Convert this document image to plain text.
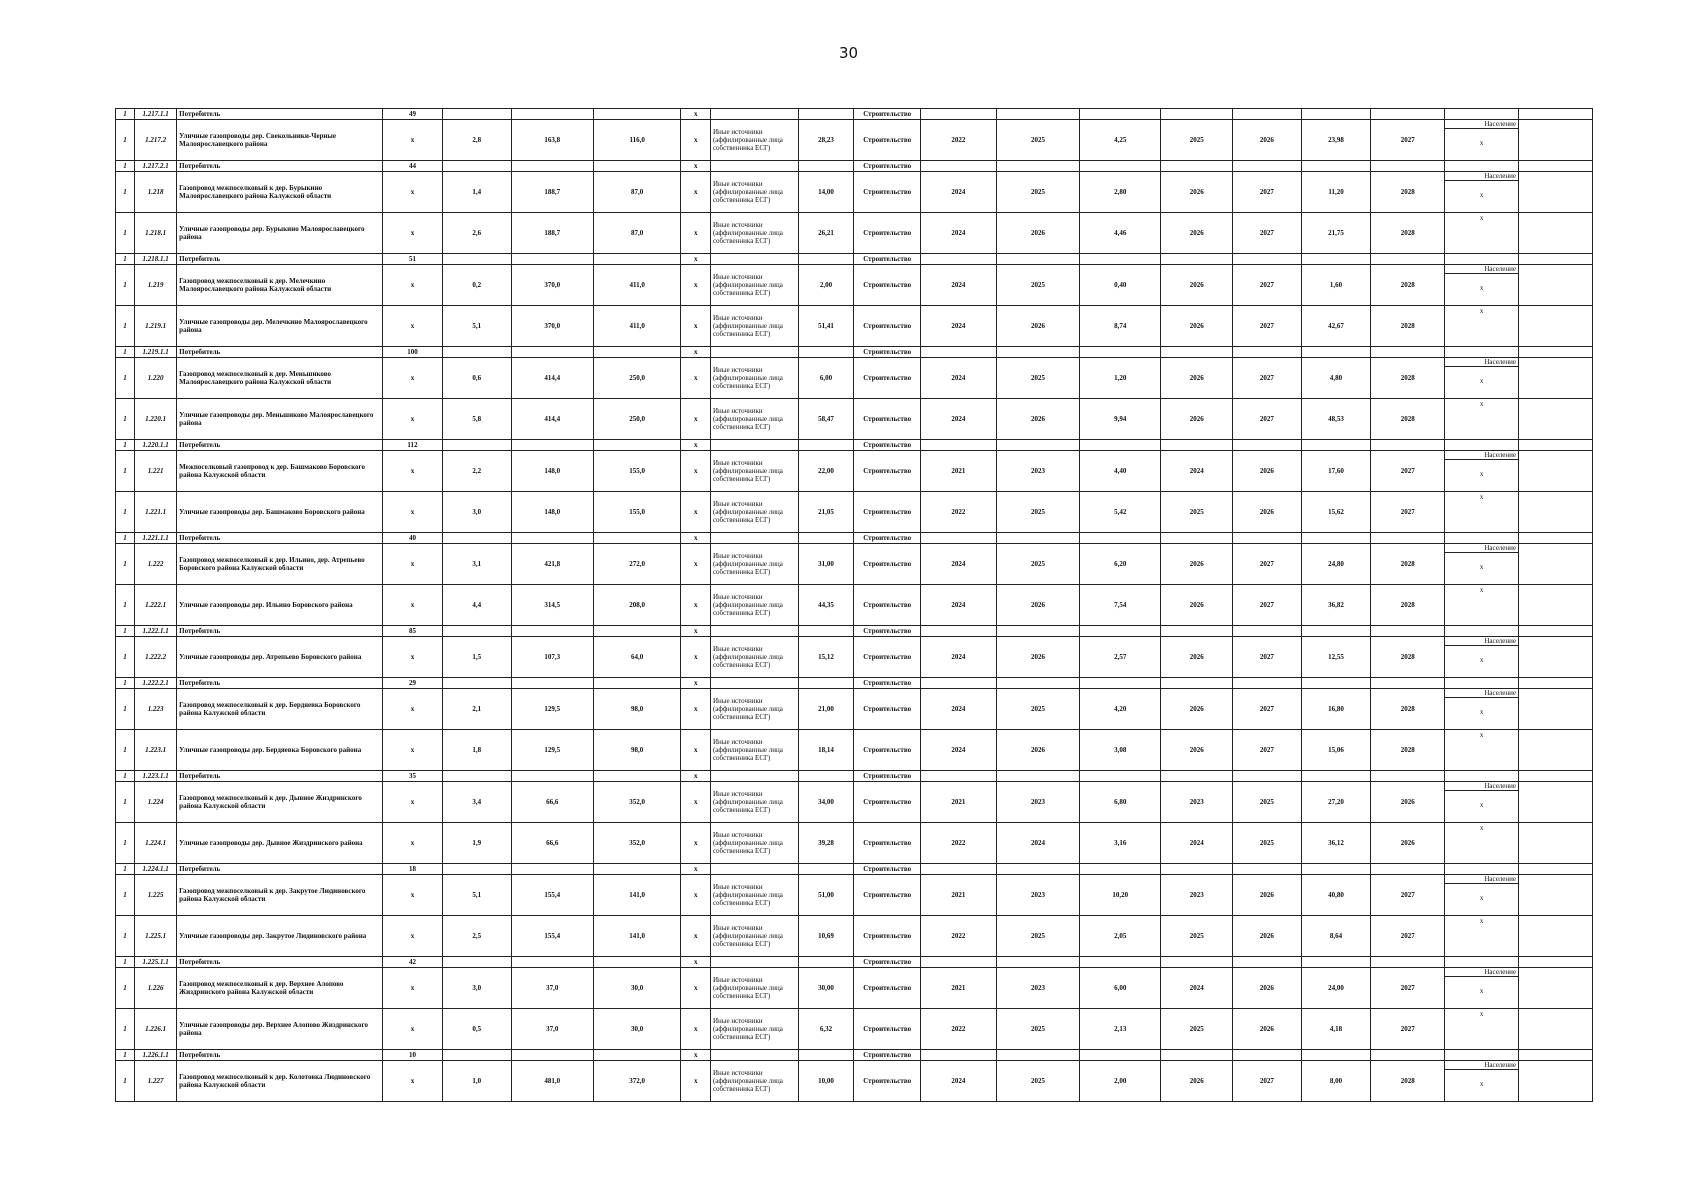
30
1	1.217.1.1	Потребитель	49				х			Строительство									
1	1.217.2	Уличные газопроводы дер. Свекольники-Черные Малоярославецкого района	х	2,8	163,8	116,0	х	Иные источники (аффилированные лица собственника ЕСГ)	28,23	Строительство	2022	2025	4,25	2025	2026	23,98	2027	Население
х	
1	1.217.2.1	Потребитель	44				х			Строительство									
1	1.218	Газопровод межпоселковый к дер. Бурыкино Малоярославецкого района Калужской области	х	1,4	188,7	87,0	х	Иные источники (аффилированные лица собственника ЕСГ)	14,00	Строительство	2024	2025	2,80	2026	2027	11,20	2028	Население
х	
1	1.218.1	Уличные газопроводы дер. Бурыкино Малоярославецкого района	х	2,6	188,7	87,0	х	Иные источники (аффилированные лица собственника ЕСГ)	26,21	Строительство	2024	2026	4,46	2026	2027	21,75	2028	х	
1	1.218.1.1	Потребитель	51				х			Строительство									
1	1.219	Газопровод межпоселковый к дер. Мелечкино Малоярославецкого района Калужской области	х	0,2	370,0	411,0	х	Иные источники (аффилированные лица собственника ЕСГ)	2,00	Строительство	2024	2025	0,40	2026	2027	1,60	2028	Население
х	
1	1.219.1	Уличные газопроводы дер. Мелечкино Малоярославецкого района	х	5,1	370,0	411,0	х	Иные источники (аффилированные лица собственника ЕСГ)	51,41	Строительство	2024	2026	8,74	2026	2027	42,67	2028	х	
1	1.219.1.1	Потребитель	100				х			Строительство									
1	1.220	Газопровод межпоселковый к дер. Меньшиково Малоярославецкого района Калужской области	х	0,6	414,4	250,0	х	Иные источники (аффилированные лица собственника ЕСГ)	6,00	Строительство	2024	2025	1,20	2026	2027	4,80	2028	Население
х	
1	1.220.1	Уличные газопроводы дер. Меньшиково Малоярославецкого района	х	5,8	414,4	250,0	х	Иные источники (аффилированные лица собственника ЕСГ)	58,47	Строительство	2024	2026	9,94	2026	2027	48,53	2028	х	
1	1.220.1.1	Потребитель	112				х			Строительство									
1	1.221	Межпоселковый газопровод к дер. Башмаково Боровского района Калужской области	х	2,2	148,0	155,0	х	Иные источники (аффилированные лица собственника ЕСГ)	22,00	Строительство	2021	2023	4,40	2024	2026	17,60	2027	Население
х	
1	1.221.1	Уличные газопроводы дер. Башмаково Боровского района	х	3,0	148,0	155,0	х	Иные источники (аффилированные лица собственника ЕСГ)	21,05	Строительство	2022	2025	5,42	2025	2026	15,62	2027	х	
1	1.221.1.1	Потребитель	40				х			Строительство									
1	1.222	Газопровод межпоселковый к дер. Ильино, дер. Атрепьево Боровского района Калужской области	х	3,1	421,8	272,0	х	Иные источники (аффилированные лица собственника ЕСГ)	31,00	Строительство	2024	2025	6,20	2026	2027	24,80	2028	Население
х	
1	1.222.1	Уличные газопроводы дер. Ильино Боровского района	х	4,4	314,5	208,0	х	Иные источники (аффилированные лица собственника ЕСГ)	44,35	Строительство	2024	2026	7,54	2026	2027	36,82	2028	х	
1	1.222.1.1	Потребитель	85				х			Строительство									
1	1.222.2	Уличные газопроводы дер. Атрепьево Боровского района	х	1,5	107,3	64,0	х	Иные источники (аффилированные лица собственника ЕСГ)	15,12	Строительство	2024	2026	2,57	2026	2027	12,55	2028	Население
х	
1	1.222.2.1	Потребитель	29				х			Строительство									
1	1.223	Газопровод межпоселковый к дер. Бердяевка Боровского района Калужской области	х	2,1	129,5	98,0	х	Иные источники (аффилированные лица собственника ЕСГ)	21,00	Строительство	2024	2025	4,20	2026	2027	16,80	2028	Население
х	
1	1.223.1	Уличные газопроводы дер. Бердяевка Боровского района	х	1,8	129,5	98,0	х	Иные источники (аффилированные лица собственника ЕСГ)	18,14	Строительство	2024	2026	3,08	2026	2027	15,06	2028	х	
1	1.223.1.1	Потребитель	35				х			Строительство									
1	1.224	Газопровод межпоселковый к дер. Дывное Жиздринского района Калужской области	х	3,4	66,6	352,0	х	Иные источники (аффилированные лица собственника ЕСГ)	34,00	Строительство	2021	2023	6,80	2023	2025	27,20	2026	Население
х	
1	1.224.1	Уличные газопроводы дер. Дывное Жиздринского района	х	1,9	66,6	352,0	х	Иные источники (аффилированные лица собственника ЕСГ)	39,28	Строительство	2022	2024	3,16	2024	2025	36,12	2026	х	
1	1.224.1.1	Потребитель	18				х			Строительство									
1	1.225	Газопровод межпоселковый к дер. Закрутое Людиновского района Калужской области	х	5,1	155,4	141,0	х	Иные источники (аффилированные лица собственника ЕСГ)	51,00	Строительство	2021	2023	10,20	2023	2026	40,80	2027	Население
х	
1	1.225.1	Уличные газопроводы дер. Закрутое Людиновского района	х	2,5	155,4	141,0	х	Иные источники (аффилированные лица собственника ЕСГ)	10,69	Строительство	2022	2025	2,05	2025	2026	8,64	2027	х	
1	1.225.1.1	Потребитель	42				х			Строительство									
1	1.226	Газопровод межпоселковый к дер. Верхнее Алопово Жиздринского района Калужской области	х	3,0	37,0	30,0	х	Иные источники (аффилированные лица собственника ЕСГ)	30,00	Строительство	2021	2023	6,00	2024	2026	24,00	2027	Население
х	
1	1.226.1	Уличные газопроводы дер. Верхнее Алопово Жиздринского района	х	0,5	37,0	30,0	х	Иные источники (аффилированные лица собственника ЕСГ)	6,32	Строительство	2022	2025	2,13	2025	2026	4,18	2027	х	
1	1.226.1.1	Потребитель	10				х			Строительство									
1	1.227	Газопровод межпоселковый к дер. Колотовка Людиновского района Калужской области	х	1,0	481,0	372,0	х	Иные источники (аффилированные лица собственника ЕСГ)	10,00	Строительство	2024	2025	2,00	2026	2027	8,00	2028	Население
х	
